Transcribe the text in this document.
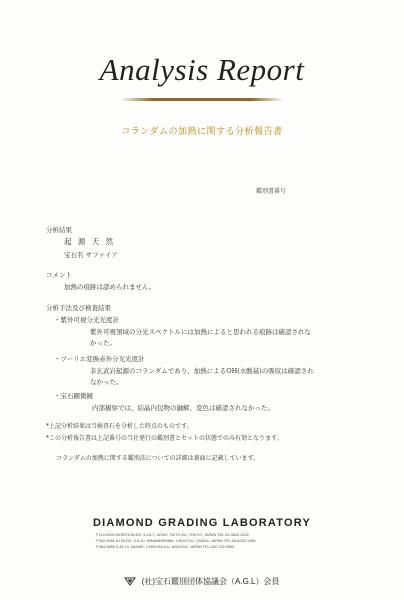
Analysis Report
コランダムの加熱に関する分析報告書
鑑別書番号
分析結果
起 源 天 然
宝石名 サファイア
コメント
加熱の痕跡は認められません。
分析手法及び検査結果
・紫外可視分光光度計
紫外可視領域の分光スペクトルには加熱によると思われる痕跡は確認されな
かった。
・フーリエ変換赤外分光光度計
非玄武岩起源のコランダムであり、加熱によるOH(水酸基)の吸収は確認され
なかった。
・宝石顕微鏡
内部観察では、結晶内包物の融解、変色は確認されなかった。
*上記分析結果は当検査石を分析した時点のものです。
*この分析報告書は上記番号の当社発行の鑑別書とセットの状態でのみ有効となります。
コランダムの加熱に関する鑑別法についての詳細は裏面に記載しています。
DIAMOND GRADING LABORATORY
〒110-0005 MORITA BLDG. 5-18-7, UENO, TAITO-KU, TOKYO, JAPAN TEL.03-3832-0432
〒542-0081 AJ BLDG. 3-5-10, MINAMISEMBA, CHUO-KU, OSAKA, JAPAN TEL.06-6253-1456
〒464-0855 3-35-10, IMAIKE, CHIKUSA-KU, NAGOYA, JAPAN TEL.052-732-0590
(社)宝石鑑別団体協議会（A.G.L）会員
